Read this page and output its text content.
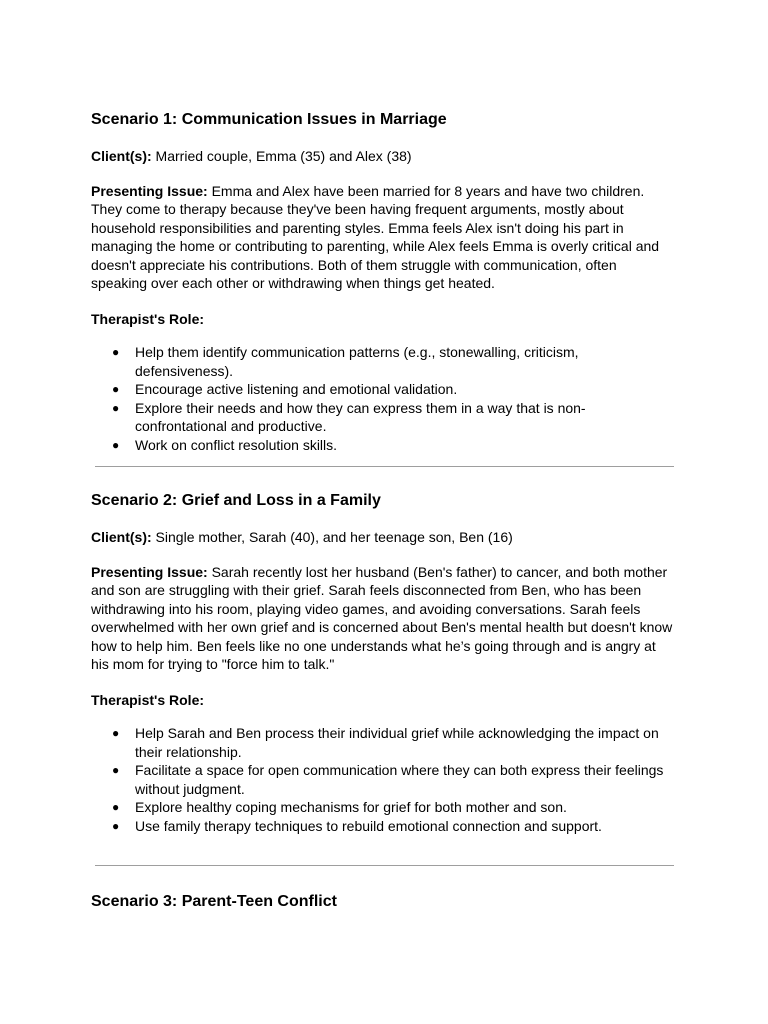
Scenario 1: Communication Issues in Marriage

Client(s): Married couple, Emma (35) and Alex (38)

Presenting Issue: Emma and Alex have been married for 8 years and have two children. They come to therapy because they've been having frequent arguments, mostly about household responsibilities and parenting styles. Emma feels Alex isn't doing his part in managing the home or contributing to parenting, while Alex feels Emma is overly critical and doesn't appreciate his contributions. Both of them struggle with communication, often speaking over each other or withdrawing when things get heated.

Therapist's Role:

● Help them identify communication patterns (e.g., stonewalling, criticism, defensiveness).
● Encourage active listening and emotional validation.
● Explore their needs and how they can express them in a way that is non-confrontational and productive.
● Work on conflict resolution skills.
Scenario 2: Grief and Loss in a Family

Client(s): Single mother, Sarah (40), and her teenage son, Ben (16)

Presenting Issue: Sarah recently lost her husband (Ben's father) to cancer, and both mother and son are struggling with their grief. Sarah feels disconnected from Ben, who has been withdrawing into his room, playing video games, and avoiding conversations. Sarah feels overwhelmed with her own grief and is concerned about Ben's mental health but doesn't know how to help him. Ben feels like no one understands what he’s going through and is angry at his mom for trying to "force him to talk."

Therapist's Role:

● Help Sarah and Ben process their individual grief while acknowledging the impact on their relationship.
● Facilitate a space for open communication where they can both express their feelings without judgment.
● Explore healthy coping mechanisms for grief for both mother and son.
● Use family therapy techniques to rebuild emotional connection and support.
Scenario 3: Parent-Teen Conflict
